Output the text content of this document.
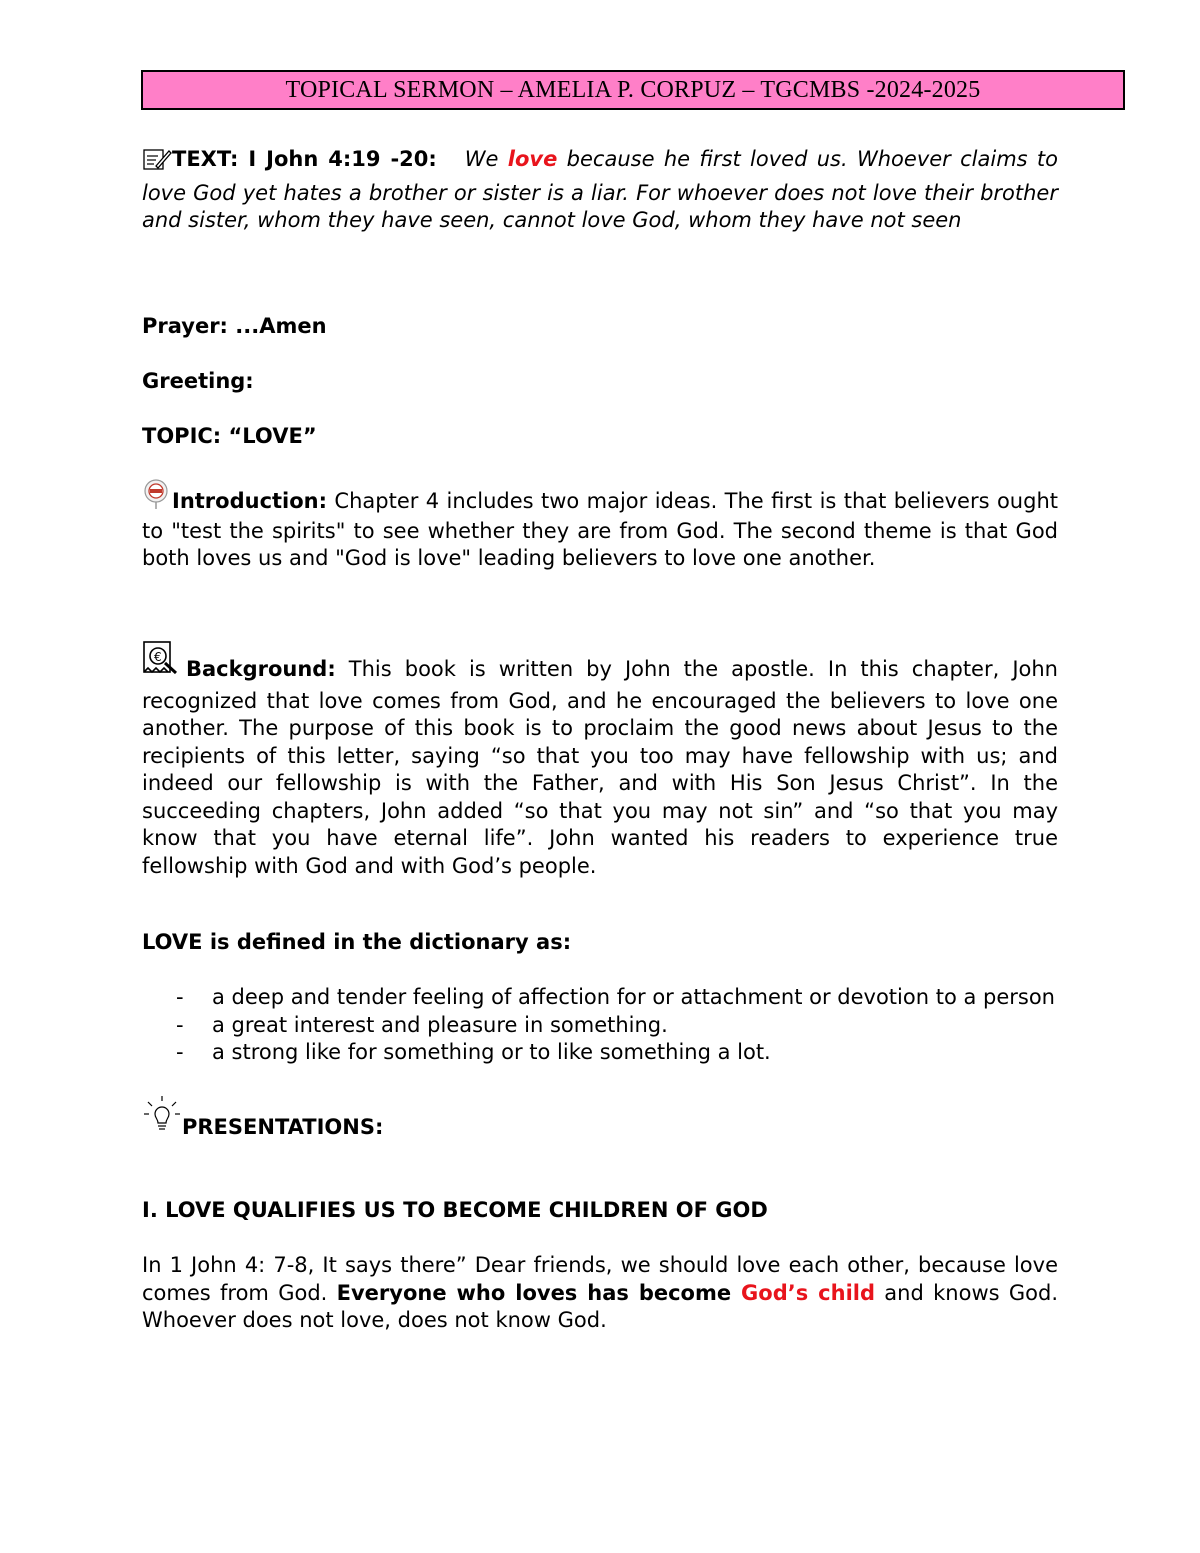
TOPICAL SERMON – AMELIA P. CORPUZ – TGCMBS -2024-2025
TEXT: I John 4:19 -20: We love because he first loved us. Whoever claims to love God yet hates a brother or sister is a liar. For whoever does not love their brother and sister, whom they have seen, cannot love God, whom they have not seen
Prayer: ...Amen
Greeting:
TOPIC: “LOVE”
Introduction: Chapter 4 includes two major ideas. The first is that believers ought to "test the spirits" to see whether they are from God. The second theme is that God both loves us and "God is love" leading believers to love one another.
€ Background: This book is written by John the apostle. In this chapter, John recognized that love comes from God, and he encouraged the believers to love one another. The purpose of this book is to proclaim the good news about Jesus to the recipients of this letter, saying “so that you too may have fellowship with us; and indeed our fellowship is with the Father, and with His Son Jesus Christ”. In the succeeding chapters, John added “so that you may not sin” and “so that you may know that you have eternal life”. John wanted his readers to experience true fellowship with God and with God’s people.
LOVE is defined in the dictionary as:
- a deep and tender feeling of affection for or attachment or devotion to a person
- a great interest and pleasure in something.
- a strong like for something or to like something a lot.
PRESENTATIONS:
I. LOVE QUALIFIES US TO BECOME CHILDREN OF GOD
In 1 John 4: 7-8, It says there” Dear friends, we should love each other, because love comes from God. Everyone who loves has become God’s child and knows God. Whoever does not love, does not know God.
